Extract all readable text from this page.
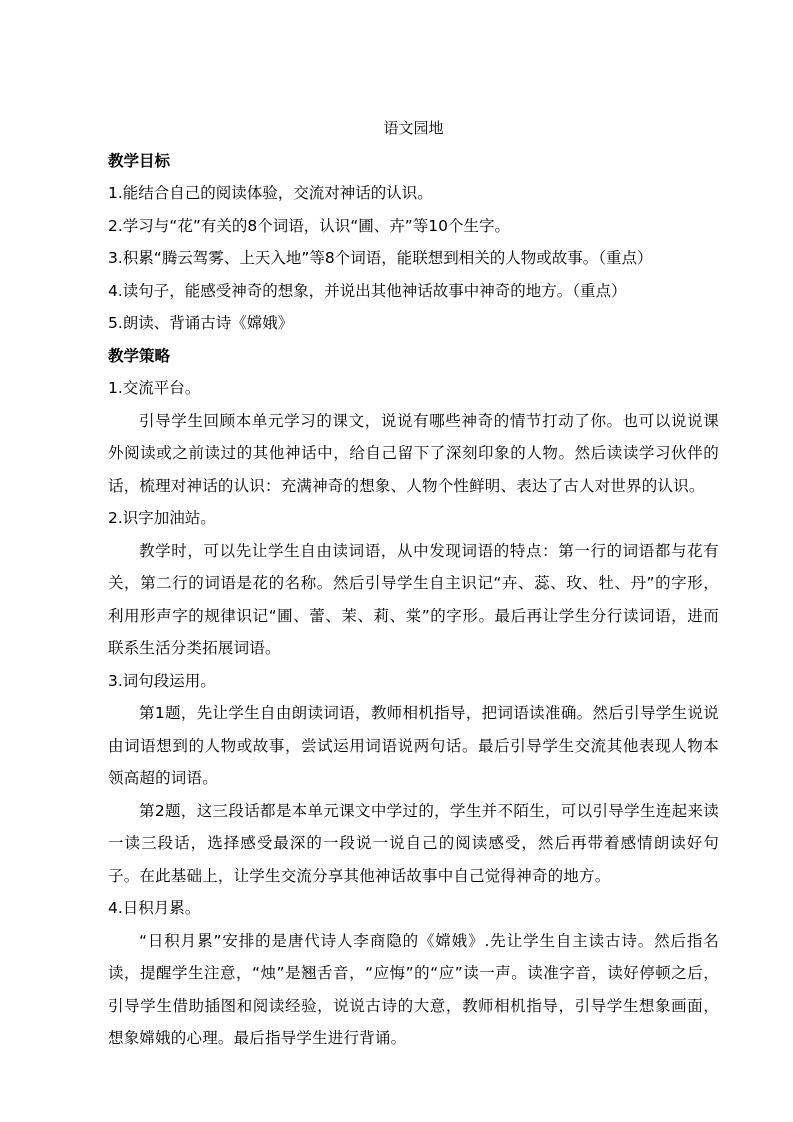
语文园地

教学目标

1.能结合自己的阅读体验，交流对神话的认识。

2.学习与“花”有关的8个词语，认识“圃、卉”等10个生字。

3.积累“腾云驾雾、上天入地”等8个词语，能联想到相关的人物或故事。（重点）

4.读句子，能感受神奇的想象，并说出其他神话故事中神奇的地方。（重点）

5.朗读、背诵古诗《嫦娥》

教学策略

1.交流平台。

引导学生回顾本单元学习的课文，说说有哪些神奇的情节打动了你。也可以说说课外阅读或之前读过的其他神话中，给自己留下了深刻印象的人物。然后读读学习伙伴的话，梳理对神话的认识：充满神奇的想象、人物个性鲜明、表达了古人对世界的认识。

2.识字加油站。

教学时，可以先让学生自由读词语，从中发现词语的特点：第一行的词语都与花有关，第二行的词语是花的名称。然后引导学生自主识记“卉、蕊、玫、牡、丹”的字形，利用形声字的规律识记“圃、蕾、茉、莉、棠”的字形。最后再让学生分行读词语，进而联系生活分类拓展词语。

3.词句段运用。

第1题，先让学生自由朗读词语，教师相机指导，把词语读准确。然后引导学生说说由词语想到的人物或故事，尝试运用词语说两句话。最后引导学生交流其他表现人物本领高超的词语。

第2题，这三段话都是本单元课文中学过的，学生并不陌生，可以引导学生连起来读一读三段话，选择感受最深的一段说一说自己的阅读感受，然后再带着感情朗读好句子。在此基础上，让学生交流分享其他神话故事中自己觉得神奇的地方。

4.日积月累。

“日积月累”安排的是唐代诗人李商隐的《嫦娥》.先让学生自主读古诗。然后指名读，提醒学生注意，“烛”是翘舌音，“应悔”的“应”读一声。读准字音，读好停顿之后，引导学生借助插图和阅读经验，说说古诗的大意，教师相机指导，引导学生想象画面，想象嫦娥的心理。最后指导学生进行背诵。
